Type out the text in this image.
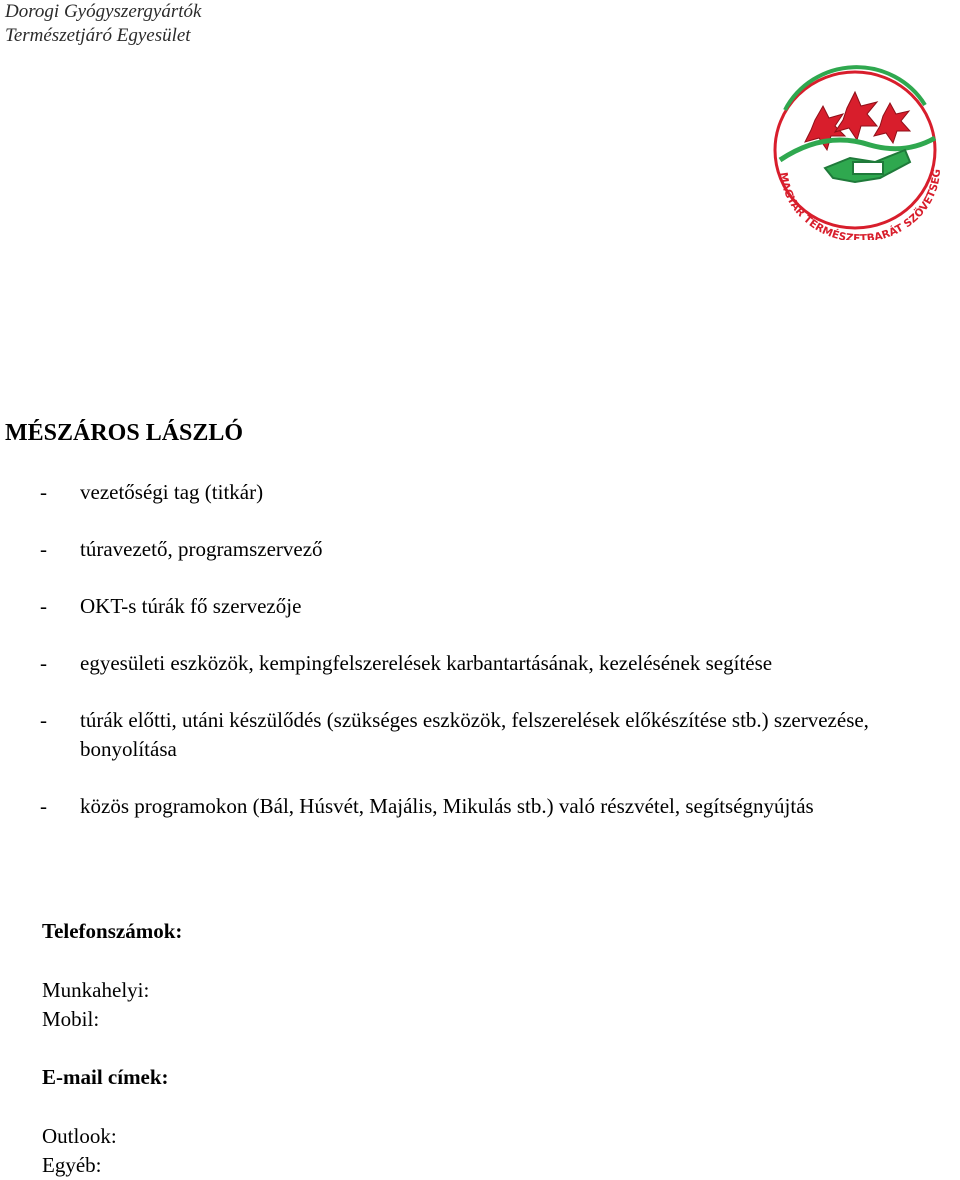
Dorogi Gyógyszergyártók
Természetjáró Egyesület
MAGYAR TERMÉSZETBARÁT SZÖVETSÉG
MÉSZÁROS LÁSZLÓ
- vezetőségi tag (titkár)
- túravezető, programszervező
- OKT-s túrák fő szervezője
- egyesületi eszközök, kempingfelszerelések karbantartásának, kezelésének segítése
- túrák előtti, utáni készülődés (szükséges eszközök, felszerelések előkészítése stb.) szervezése, bonyolítása
- közös programokon (Bál, Húsvét, Majális, Mikulás stb.) való részvétel, segítségnyújtás
Telefonszámok:
Munkahelyi:
Mobil:
E-mail címek:
Outlook:
Egyéb:
